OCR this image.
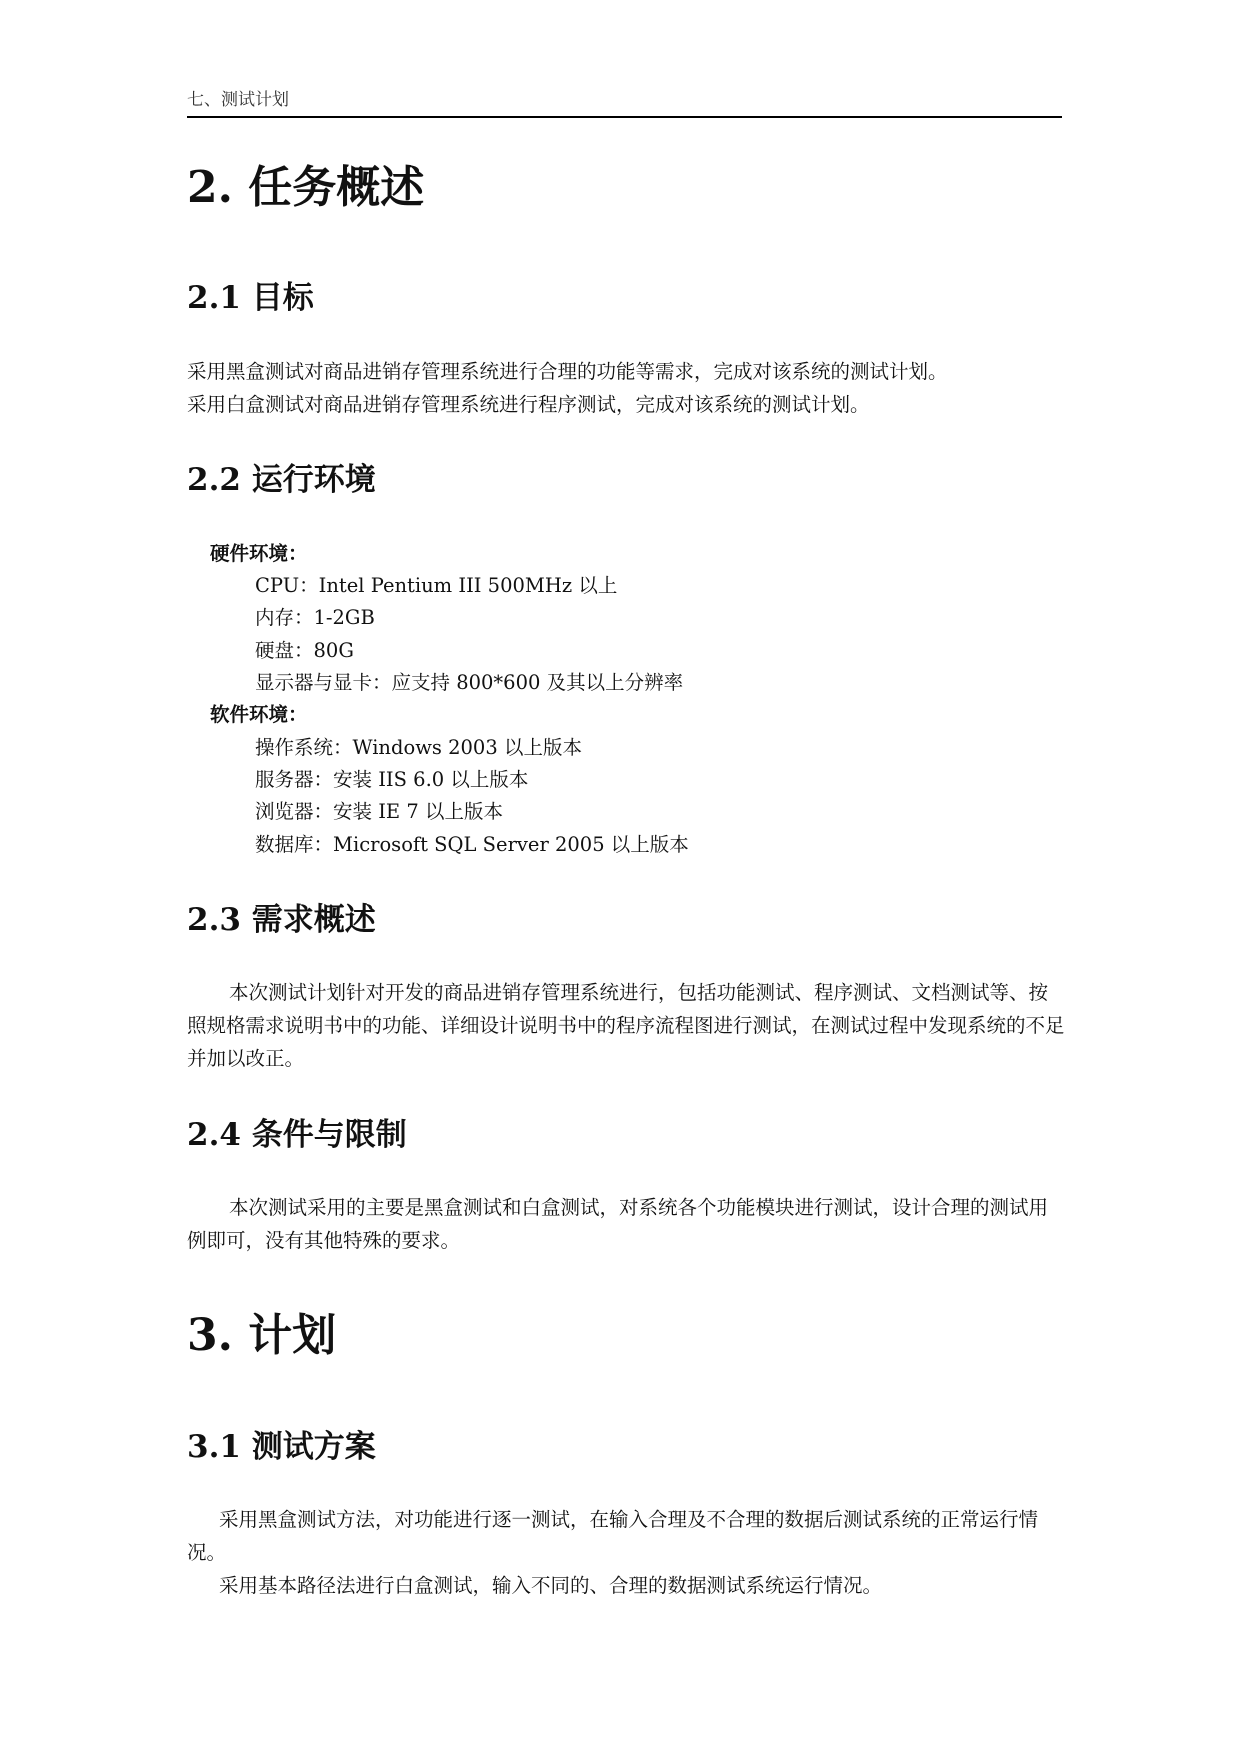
七、测试计划
2. 任务概述
2.1 目标
采用黑盒测试对商品进销存管理系统进行合理的功能等需求，完成对该系统的测试计划。
采用白盒测试对商品进销存管理系统进行程序测试，完成对该系统的测试计划。
2.2 运行环境
硬件环境：
CPU：Intel Pentium III 500MHz 以上
内存：1-2GB
硬盘：80G
显示器与显卡：应支持 800*600 及其以上分辨率
软件环境：
操作系统：Windows 2003 以上版本
服务器：安装 IIS 6.0 以上版本
浏览器：安装 IE 7 以上版本
数据库：Microsoft SQL Server 2005 以上版本
2.3 需求概述

本次测试计划针对开发的商品进销存管理系统进行，包括功能测试、程序测试、文档测试等、按照规格需求说明书中的功能、详细设计说明书中的程序流程图进行测试，在测试过程中发现系统的不足并加以改正。

2.4 条件与限制

本次测试采用的主要是黑盒测试和白盒测试，对系统各个功能模块进行测试，设计合理的测试用例即可，没有其他特殊的要求。

3. 计划
3.1 测试方案

采用黑盒测试方法，对功能进行逐一测试，在输入合理及不合理的数据后测试系统的正常运行情况。

采用基本路径法进行白盒测试，输入不同的、合理的数据测试系统运行情况。
